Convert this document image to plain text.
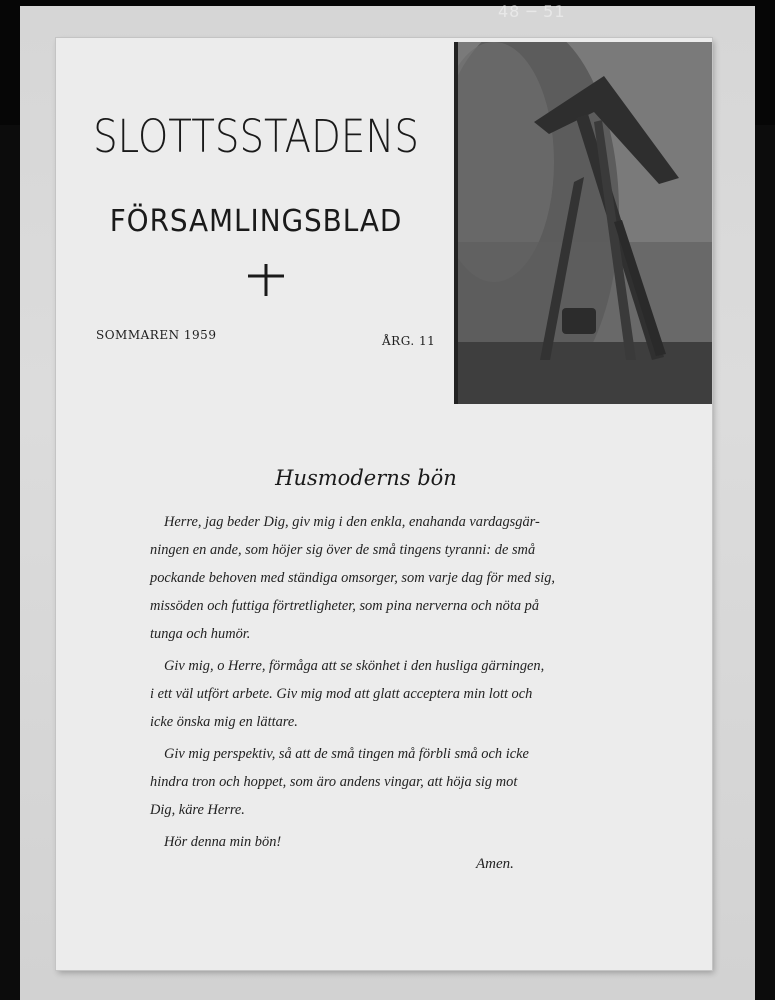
48 ─ 51
SLOTTSSTADENS
FÖRSAMLINGSBLAD
SOMMAREN 1959	ÅRG. 11
Husmoderns bön
Herre, jag beder Dig, giv mig i den enkla, enahanda vardagsgär-
ningen en ande, som höjer sig över de små tingens tyranni: de små
pockande behoven med ständiga omsorger, som varje dag för med sig,
missöden och futtiga förtretligheter, som pina nerverna och nöta på
tunga och humör.
Giv mig, o Herre, förmåga att se skönhet i den husliga gärningen,
i ett väl utfört arbete. Giv mig mod att glatt acceptera min lott och
icke önska mig en lättare.
Giv mig perspektiv, så att de små tingen må förbli små och icke
hindra tron och hoppet, som äro andens vingar, att höja sig mot
Dig, käre Herre.
Hör denna min bön!
Amen.
